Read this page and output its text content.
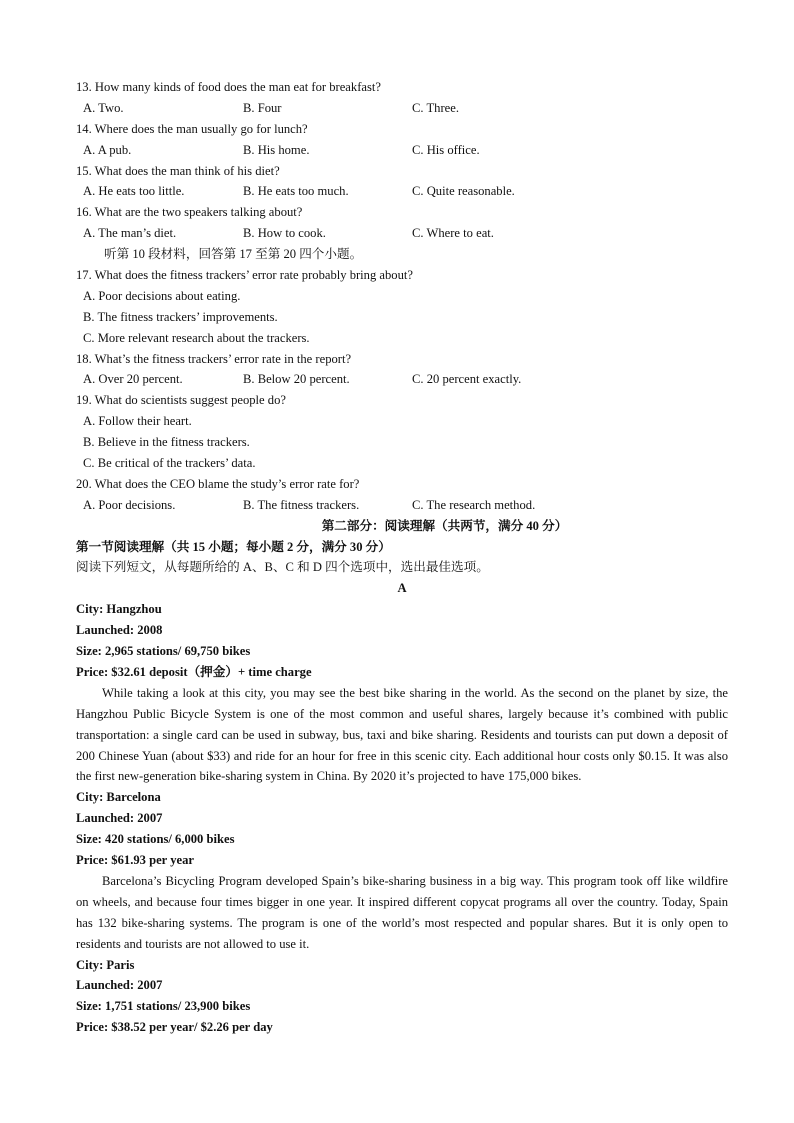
13. How many kinds of food does the man eat for breakfast?
A. Two.	B. Four	C. Three.
14. Where does the man usually go for lunch?
A. A pub.	B. His home.	C. His office.
15. What does the man think of his diet?
A. He eats too little.	B. He eats too much.	C. Quite reasonable.
16. What are the two speakers talking about?
A. The man’s diet.	B. How to cook.	C. Where to eat.
听第 10 段材料，回答第 17 至第 20 四个小题。
17. What does the fitness trackers’ error rate probably bring about?
A. Poor decisions about eating.
B. The fitness trackers’ improvements.
C. More relevant research about the trackers.
18. What’s the fitness trackers’ error rate in the report?
A. Over 20 percent.	B. Below 20 percent.	C. 20 percent exactly.
19. What do scientists suggest people do?
A. Follow their heart.
B. Believe in the fitness trackers.
C. Be critical of the trackers’ data.
20. What does the CEO blame the study’s error rate for?
A. Poor decisions.	B. The fitness trackers.	C. The research method.
第二部分：阅读理解（共两节，满分 40 分）
第一节阅读理解（共 15 小题；每小题 2 分，满分 30 分）
阅读下列短文，从每题所给的 A、B、C 和 D 四个选项中，选出最佳选项。
A
City: Hangzhou
Launched: 2008
Size: 2,965 stations/ 69,750 bikes
Price: $32.61 deposit（押金）+ time charge

While taking a look at this city, you may see the best bike sharing in the world. As the second on the planet by size, the Hangzhou Public Bicycle System is one of the most common and useful shares, largely because it’s combined with public transportation: a single card can be used in subway, bus, taxi and bike sharing. Residents and tourists can put down a deposit of 200 Chinese Yuan (about $33) and ride for an hour for free in this scenic city. Each additional hour costs only $0.15. It was also the first new-generation bike-sharing system in China. By 2020 it’s projected to have 175,000 bikes.

City: Barcelona
Launched: 2007
Size: 420 stations/ 6,000 bikes
Price: $61.93 per year

Barcelona’s Bicycling Program developed Spain’s bike-sharing business in a big way. This program took off like wildfire on wheels, and because four times bigger in one year. It inspired different copycat programs all over the country. Today, Spain has 132 bike-sharing systems. The program is one of the world’s most respected and popular shares. But it is only open to residents and tourists are not allowed to use it.

City: Paris
Launched: 2007
Size: 1,751 stations/ 23,900 bikes
Price: $38.52 per year/ $2.26 per day
